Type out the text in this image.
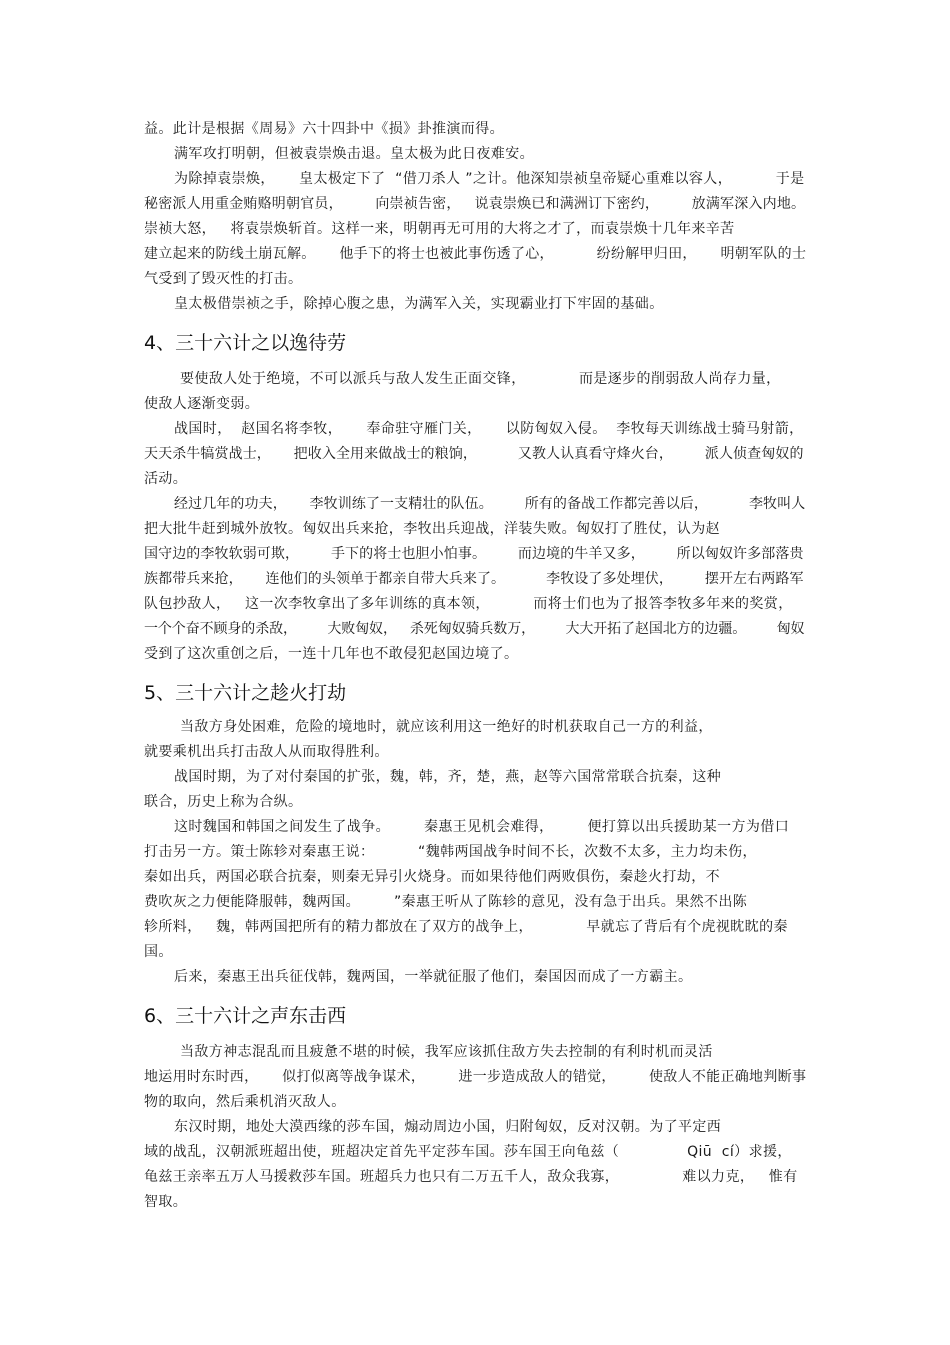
益。此计是根据《周易》六十四卦中《损》卦推演而得。
满军攻打明朝，但被袁崇焕击退。皇太极为此日夜难安。
为除掉袁崇焕，     皇太极定下了  “借刀杀人 ”之计。他深知崇祯皇帝疑心重难以容人，         于是
秘密派人用重金贿赂明朝官员，       向崇祯告密，   说袁崇焕已和满洲订下密约，       放满军深入内地。
崇祯大怒，   将袁崇焕斩首。这样一来，明朝再无可用的大将之才了，而袁崇焕十几年来辛苦
建立起来的防线土崩瓦解。     他手下的将士也被此事伤透了心，         纷纷解甲归田，     明朝军队的士
气受到了毁灭性的打击。
皇太极借崇祯之手，除掉心腹之患，为满军入关，实现霸业打下牢固的基础。
4、三十六计之以逸待劳
要使敌人处于绝境，不可以派兵与敌人发生正面交锋，           而是逐步的削弱敌人尚存力量，
使敌人逐渐变弱。
战国时，  赵国名将李牧，     奉命驻守雁门关，     以防匈奴入侵。  李牧每天训练战士骑马射箭，
天天杀牛犒赏战士，     把收入全用来做战士的粮饷，         又教人认真看守烽火台，       派人侦查匈奴的
活动。
经过几年的功夫，     李牧训练了一支精壮的队伍。       所有的备战工作都完善以后，         李牧叫人
把大批牛赶到城外放牧。匈奴出兵来抢，李牧出兵迎战，洋装失败。匈奴打了胜仗，认为赵
国守边的李牧软弱可欺，       手下的将士也胆小怕事。       而边境的牛羊又多，       所以匈奴许多部落贵
族都带兵来抢，     连他们的头领单于都亲自带大兵来了。         李牧设了多处埋伏，       摆开左右两路军
队包抄敌人，   这一次李牧拿出了多年训练的真本领，         而将士们也为了报答李牧多年来的奖赏，
一个个奋不顾身的杀敌，       大败匈奴，   杀死匈奴骑兵数万，       大大开拓了赵国北方的边疆。       匈奴
受到了这次重创之后，一连十几年也不敢侵犯赵国边境了。
5、三十六计之趁火打劫
当敌方身处困难，危险的境地时，就应该利用这一绝好的时机获取自己一方的利益，
就要乘机出兵打击敌人从而取得胜利。
战国时期，为了对付秦国的扩张，魏，韩，齐，楚，燕，赵等六国常常联合抗秦，这种
联合，历史上称为合纵。
这时魏国和韩国之间发生了战争。       秦惠王见机会难得，       便打算以出兵援助某一方为借口
打击另一方。策士陈轸对秦惠王说：         “魏韩两国战争时间不长，次数不太多，主力均未伤，
秦如出兵，两国必联合抗秦，则秦无异引火烧身。而如果待他们两败俱伤，秦趁火打劫，不
费吹灰之力便能降服韩，魏两国。       ”秦惠王听从了陈轸的意见，没有急于出兵。果然不出陈
轸所料，   魏，韩两国把所有的精力都放在了双方的战争上，           早就忘了背后有个虎视眈眈的秦
国。
后来，秦惠王出兵征伐韩，魏两国，一举就征服了他们，秦国因而成了一方霸主。
6、三十六计之声东击西
当敌方神志混乱而且疲惫不堪的时候，我军应该抓住敌方失去控制的有利时机而灵活
地运用时东时西，     似打似离等战争谋术，       进一步造成敌人的错觉，       使敌人不能正确地判断事
物的取向，然后乘机消灭敌人。
东汉时期，地处大漠西缘的莎车国，煽动周边小国，归附匈奴，反对汉朝。为了平定西
域的战乱，汉朝派班超出使，班超决定首先平定莎车国。莎车国王向龟兹（              Qiū  cí）求援，
龟兹王亲率五万人马援救莎车国。班超兵力也只有二万五千人，敌众我寡，             难以力克，   惟有
智取。
